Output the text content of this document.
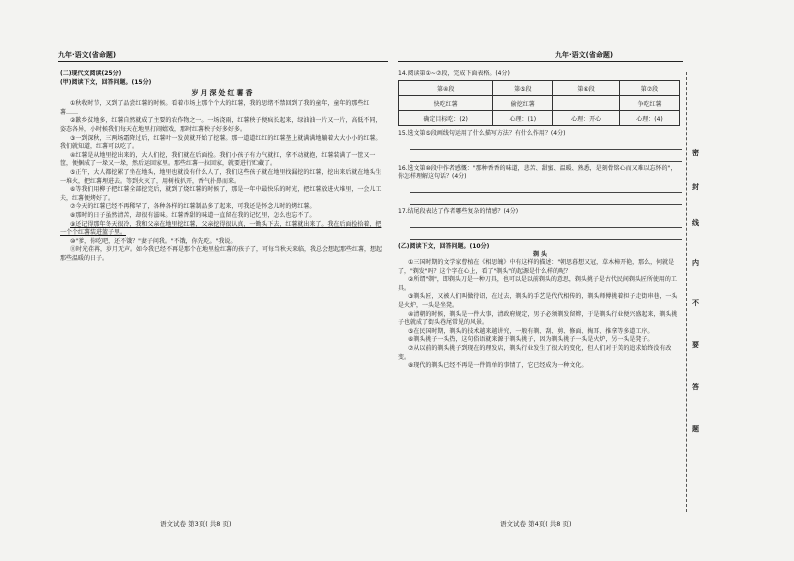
九年·语文(省命题)

(二)现代文阅读(25分)

(甲)阅读下文，回答问题。(15分)

岁月深处红薯香

①秋收时节，又到了品尝红薯的时候。看着市场上那个个大的红薯，我的思绪不禁回到了我的童年，童年的那些红薯……

②歉乡贫地多，红薯自然就成了主要的农作物之一。一场浇雨，红薯秧子便疯长起来，绿油油一片又一片，高低不同，姿态各异，小时候我们每天在地里打闹嬉戏，那时红薯秧子好多好多。

③一到深秋，三两场霜降过后，红薯叶一发黄就开始了挖薯。那一道道红红的红薯垄上就满满地躺着大大小小的红薯。我们就知道，红薯可以吃了。

④红薯是从地里挖出来的，大人们挖，我们就在后面捡。我们小孩子有力气就扛，拿不动就抱，红薯装满了一筐又一筐，便捆成了一垛又一垛，然后运回家里。那些红薯一拉回家，就要进行贮藏了。

⑤正午，大人都挖累了坐在地头，地里也就没有什么人了，我们这些孩子就在地里找漏挖的红薯，挖出来后就在地头生一堆火，把红薯埋进去。等到火灭了，用树枝扒开，香气扑鼻而来。

⑥等我们用柳子把红薯全部挖完后，就到了烧红薯的时候了，那是一年中最快乐的时光，把红薯放进火堆里，一会儿工夫，红薯便烤好了。

⑦今天的红薯已经不再稀罕了，各种各样的红薯制品多了起来，可我还是怀念儿时的烤红薯。

⑧那时的日子虽然清苦，却很有滋味。红薯香甜的味道一直留在我的记忆里，怎么也忘不了。

⑨还记得那年冬天很冷，我和父亲在地里挖红薯，父亲挖得很认真，一锄头下去，红薯就出来了。我在后面捡拾着，把一个个红薯装进篮子里。

⑩"爹，你吃吧，还不饿？"妻子问我。"不饿，你先吃。"我说。

⑪时光荏苒，岁月无声。如今我已经不再是那个在地里捡红薯的孩子了，可每当秋天来临，我总会想起那些红薯，想起那些温暖的日子。

语文试卷 第3页( 共8 页)
九年·语文(省命题)

14.阅读第①~⑦段，完成下面表格。(4分)

第④段	第⑤段	第⑥段	第⑦段
快吃红薯	偷挖红薯		争吃红薯
确定目标吃：(2)	心理：(1)	心理：开心	心理：(4)

15.选文第⑤段画线句运用了什么描写方法？有什么作用？(4分)

16.选文第⑩段中作者感慨："那种香香的味道，悲苦、甜蜜、温暖、熟悉，是刻骨铭心而又难以忘怀的"，你怎样理解这句话？(4分)

17.结尾段表达了作者哪些复杂的情感？(4分)

(乙)阅读下文，回答问题。(10分)

剃 头

①三国时期的文学家曹植在《相思魄》中有这样的描述："朝思暮想又冠，草木樟开艳，那么，何就是了，"剃发"吗？这个字在心上，看了"剃头"的起源是什么样的呢？

②所谓"剃"，即剃头刀是一种刀具，也可以是以前剃头的意思，剃头挑子是古代民间剃头匠所使用的工具。

③剃头匠，又被人们叫做待诏，在过去，剃头的手艺是代代相传的，剃头师傅挑着担子走街串巷，一头是火炉，一头是坐凳。

④清朝的时候，剃头是一件大事，清政府规定，男子必须剃发留辫，于是剃头行业便兴盛起来，剃头挑子也就成了街头巷尾常见的风景。

⑤在民国时期，剃头的技术越来越讲究，一般有剃、刮、剪、修面、掏耳、推拿等多道工序。

⑥剃头挑子一头热，这句俗语就来源于剃头挑子，因为剃头挑子一头是火炉，另一头是凳子。

⑦从以前的剃头挑子到现在的理发店，剃头行业发生了很大的变化，但人们对于美的追求始终没有改变。

⑧现代的剃头已经不再是一件简单的事情了，它已经成为一种文化。

语文试卷 第4页( 共8 页)
密
封
线
内
不
要
答
题
